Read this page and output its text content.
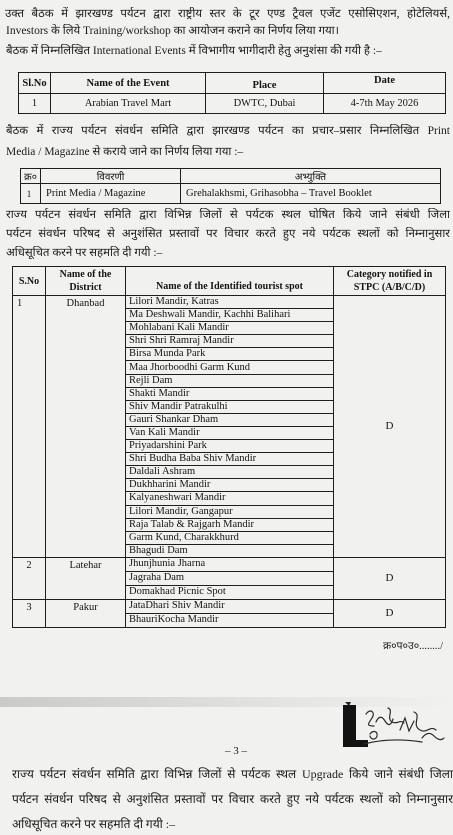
उक्त बैठक में झारखण्ड पर्यटन द्वारा राष्ट्रीय स्तर के टूर एण्ड ट्रैवल एजेंट एसोसिएशन, होटेलियर्स,
Investors के लिये Training/workshop का आयोजन कराने का निर्णय लिया गया।
बैठक में निम्नलिखित International Events में विभागीय भागीदारी हेतु अनुशंसा की गयी है :–
Sl.No	Name of the Event	Place	Date
1	Arabian Travel Mart	DWTC, Dubai	4-7th May 2026
बैठक में राज्य पर्यटन संवर्धन समिति द्वारा झारखण्ड पर्यटन का प्रचार–प्रसार निम्नलिखित Print
Media / Magazine से कराये जाने का निर्णय लिया गया :–
क्र०	विवरणी	अभ्युक्ति
1	Print Media / Magazine	Grehalakhsmi, Grihasobha – Travel Booklet
राज्य पर्यटन संवर्धन समिति द्वारा विभिन्न जिलों से पर्यटक स्थल घोषित किये जाने संबंधी जिला
पर्यटन संवर्धन परिषद से अनुशंसित प्रस्तावों पर विचार करते हुए नये पर्यटक स्थलों को निम्नानुसार
अधिसूचित करने पर सहमति दी गयी :–
S.No	Name of the
District	Name of the Identified tourist spot	Category notified in
STPC (A/B/C/D)
1	Dhanbad	Lilori Mandir, Katras	D
		Ma Deshwali Mandir, Kachhi Balihari	
		Mohlabani Kali Mandir	
		Shri Shri Ramraj Mandir	
		Birsa Munda Park	
		Maa Jhorboodhi Garm Kund	
		Rejli Dam	
		Shakti Mandir	
		Shiv Mandir Patrakulhi	
		Gauri Shankar Dham	
		Van Kali Mandir	
		Priyadarshini Park	
		Shri Budha Baba Shiv Mandir	
		Daldali Ashram	
		Dukhharini Mandir	
		Kalyaneshwari Mandir	
		Lilori Mandir, Gangapur	
		Raja Talab & Rajgarh Mandir	
		Garm Kund, Charakkhurd	
		Bhagudi Dam	
2	Latehar	Jhunjhunia Jharna	D
		Jagraha Dam	
		Domakhad Picnic Spot	
3	Pakur	JataDhari Shiv Mandir	D
		BhauriKocha Mandir	
क्र०प०उ०......../
– 3 –
राज्य पर्यटन संवर्धन समिति द्वारा विभिन्न जिलों से पर्यटक स्थल Upgrade किये जाने संबंधी जिला
पर्यटन संवर्धन परिषद से अनुशंसित प्रस्तावों पर विचार करते हुए नये पर्यटक स्थलों को निम्नानुसार
अधिसूचित करने पर सहमति दी गयी :–
